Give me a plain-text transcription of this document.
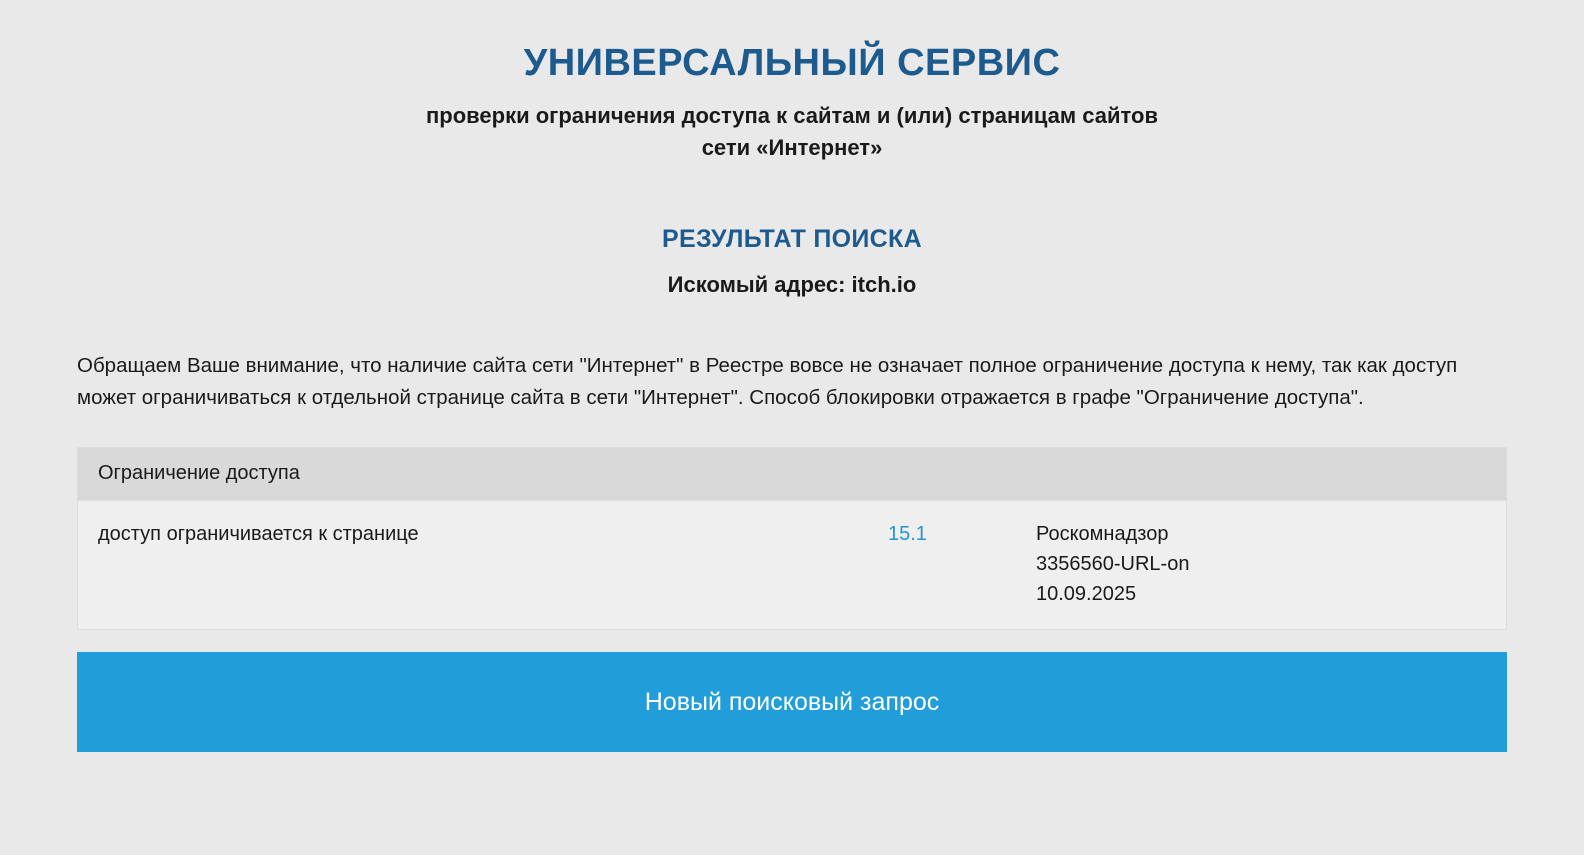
УНИВЕРСАЛЬНЫЙ СЕРВИС
проверки ограничения доступа к сайтам и (или) страницам сайтов
сети «Интернет»
РЕЗУЛЬТАТ ПОИСКА
Искомый адрес: itch.io

Обращаем Ваше внимание, что наличие сайта сети "Интернет" в Реестре вовсе не означает полное ограничение доступа к нему, так как доступ может ограничиваться к отдельной странице сайта в сети "Интернет". Способ блокировки отражается в графе "Ограничение доступа".

Ограничение доступа
доступ ограничивается к странице	15.1	Роскомнадзор
3356560-URL-on
10.09.2025
Новый поисковый запрос
